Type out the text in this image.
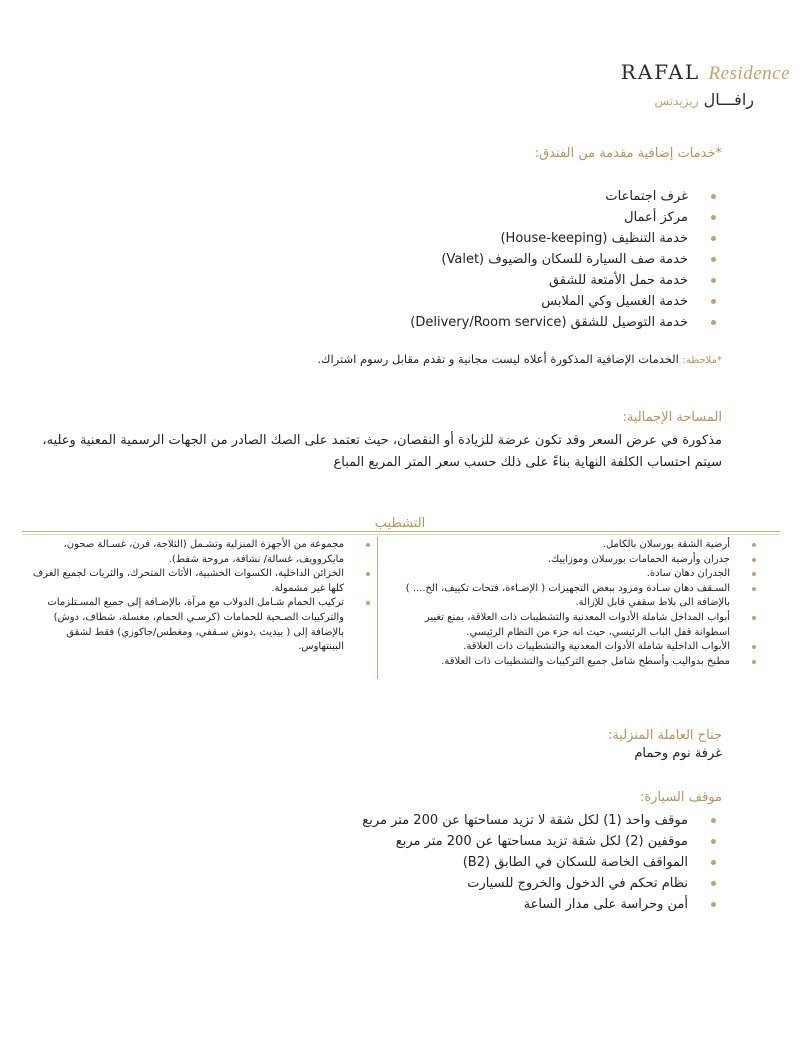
RAFAL Residence
رافـــال ريزيدنس
*خدمات إضافية مقدمة من الفندق:
غرف اجتماعات
مركز أعمال
خدمة التنظيف (House-keeping)
خدمة صف السيارة للسكان والضيوف (Valet)
خدمة حمل الأمتعة للشقق
خدمة الغسيل وكي الملابس
خدمة التوصيل للشقق (Delivery/Room service)
*ملاحظة: الخدمات الإضافية المذكورة أعلاه ليست مجانية و تقدم مقابل رسوم اشتراك.
المساحة الإجمالية:
مذكورة في عرض السعر وقد تكون عرضة للزيادة أو النقصان، حيث تعتمد على الصك الصادر من الجهات الرسمية المعنية وعليه، سيتم احتساب الكلفة النهاية بناءً على ذلك حسب سعر المتر المربع المباع
التشطيب
أرضية الشقة بورسلان بالكامل.
جدران وأرضية الحمامات بورسلان وموزاييك.
الجدران دهان سادة.
السـقف دهان سـادة ومزود ببعض التجهيزات ( الإضـاءة، فتحات تكييف، الخ.... ) بالإضافة الى بلاط سقفي قابل للإزالة.
أبواب المداخل شاملة الأدوات المعدنية والتشطيبات ذات العلاقة، يمنع تغيير اسطوانة قفل الباب الرئيسي، حيث انه جزء من النظام الرئيسي.
الأبواب الداخلية شاملة الأدوات المعدنية والتشطيبات ذات العلاقة.
مطبخ بدواليب وأسطح شامل جميع التركيبات والتشطيبات ذات العلاقة.
مجموعة من الأجهزة المنزلية وتشـمل (الثلاجة، فرن، غسـالة صحون، مايكروويف، غسالة/ نشافة، مروحة شفط).
الخزائن الداخلية، الكسوات الخشبية، الأثاث المتحرك، والثريات لجميع الغرف كلها غير مشمولة.
تركيب الحمام شـامل الدولاب مع مرآة، بالإضـافة إلى جميع المسـتلزمات والتركيبات الصـحية للحمامات (كرسـي الحمام، مغسلة، شطاف، دوش) بالإضافة إلى ( بيديث ,دوش سـقفي، ومغطس/جاكوزي) فقط لشقق البينتهاوس.
جناح العاملة المنزلية:
غرفة نوم وحمام
موقف السيارة:
موقف واحد (1) لكل شقة لا تزيد مساحتها عن 200 متر مربع
موقفين (2) لكل شقة تزيد مساحتها عن 200 متر مربع
المواقف الخاصة للسكان في الطابق (B2)
نظام تحكم في الدخول والخروج للسيارت
أمن وحراسة على مدار الساعة
